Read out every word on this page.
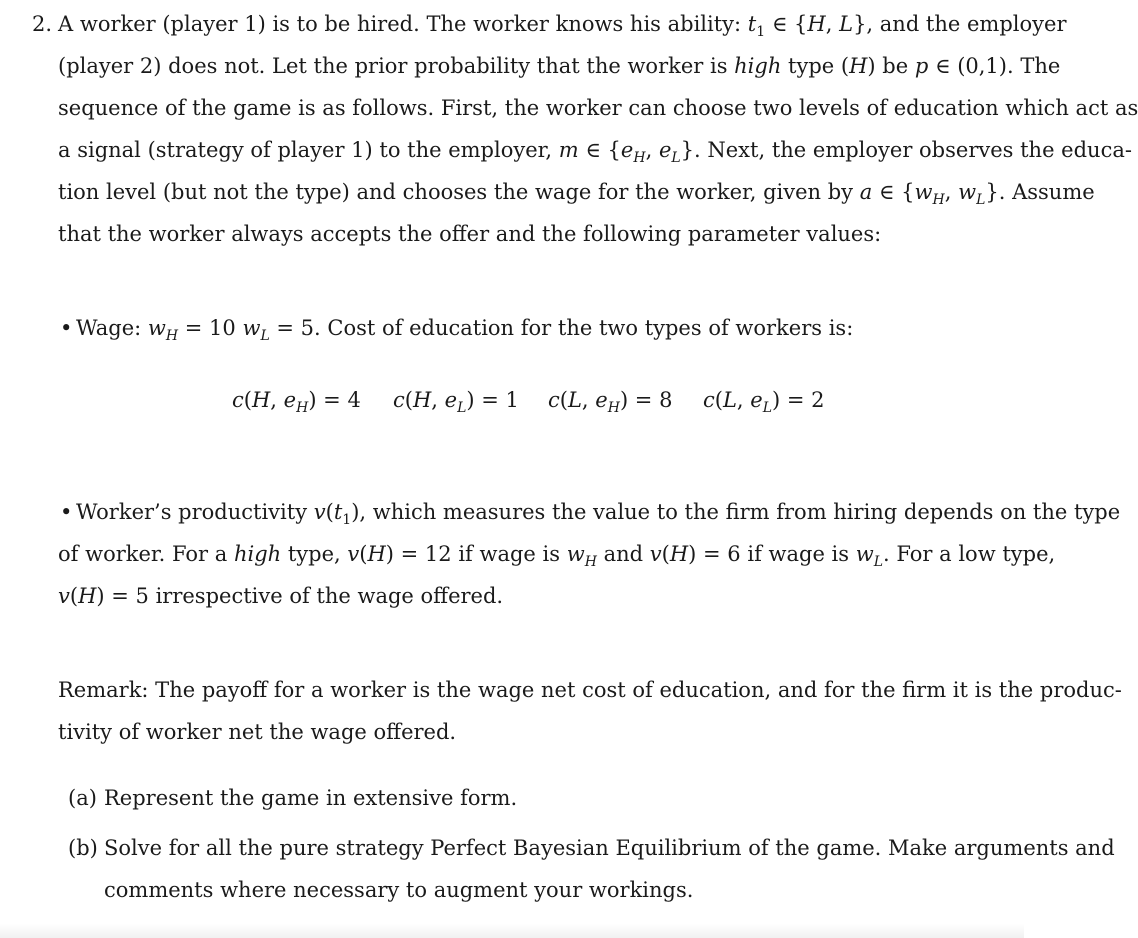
2. A worker (player 1) is to be hired. The worker knows his ability: $t_1$ ∈ {H, L}, and the employer
(player 2) does not. Let the prior probability that the worker is high type (H) be p ∈ (0,1). The
sequence of the game is as follows. First, the worker can choose two levels of education which act as
a signal (strategy of player 1) to the employer, m ∈ {$e_H$, $e_L$}. Next, the employer observes the educa-
tion level (but not the type) and chooses the wage for the worker, given by a ∈ {$w_H$, $w_L$}. Assume
that the worker always accepts the offer and the following parameter values:
• Wage: $w_H = 10$ $w_L = 5$. Cost of education for the two types of workers is:
c(H, $e_H) = 4$ c(H, $e_L) = 1$ c(L, $e_H) = 8$ c(L, $e_L) = 2$
• Worker’s productivity $v(t_1)$, which measures the value to the firm from hiring depends on the type
of worker. For a high type, v(H) = 12 if wage is $w_H$ and v(H) = 6 if wage is $w_L$. For a low type,
v(H) = 5 irrespective of the wage offered.
Remark: The payoff for a worker is the wage net cost of education, and for the firm it is the produc-
tivity of worker net the wage offered.
(a) Represent the game in extensive form.
(b) Solve for all the pure strategy Perfect Bayesian Equilibrium of the game. Make arguments and
comments where necessary to augment your workings.
